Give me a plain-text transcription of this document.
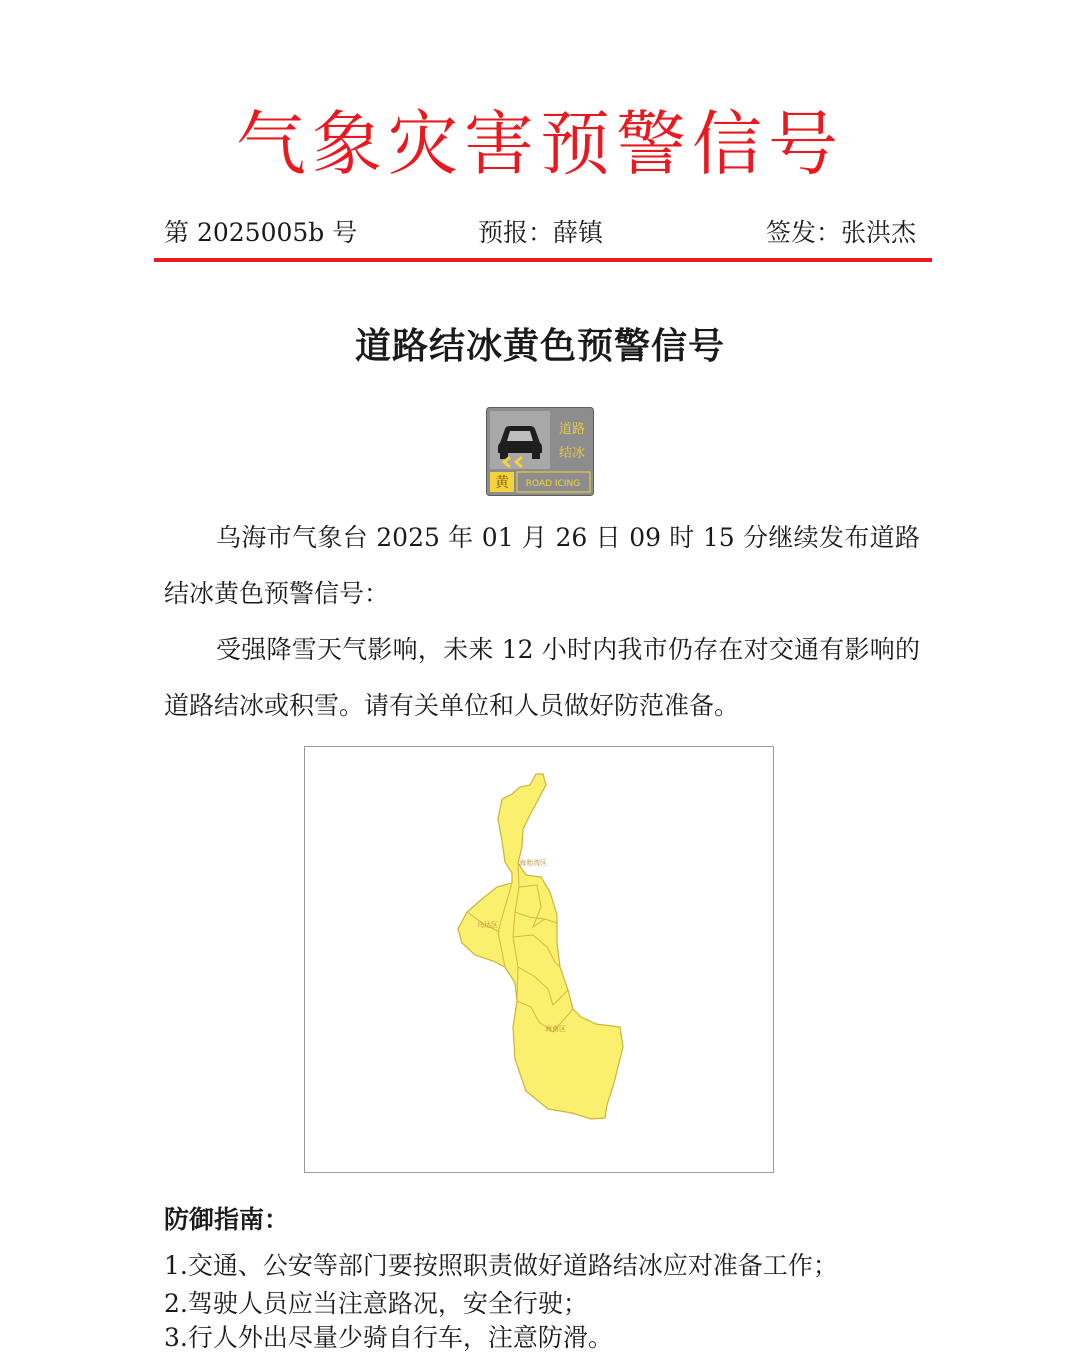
气象灾害预警信号
第 2025005b 号	预报：薛镇	签发：张洪杰
道路结冰黄色预警信号
道路
结冰
黄 ROAD ICING
乌海市气象台 2025 年 01 月 26 日 09 时 15 分继续发布道路结冰黄色预警信号：
受强降雪天气影响，未来 12 小时内我市仍存在对交通有影响的道路结冰或积雪。请有关单位和人员做好防范准备。
海勃湾区
乌达区
海南区
防御指南：
1.交通、公安等部门要按照职责做好道路结冰应对准备工作；
2.驾驶人员应当注意路况，安全行驶；
3.行人外出尽量少骑自行车，注意防滑。
